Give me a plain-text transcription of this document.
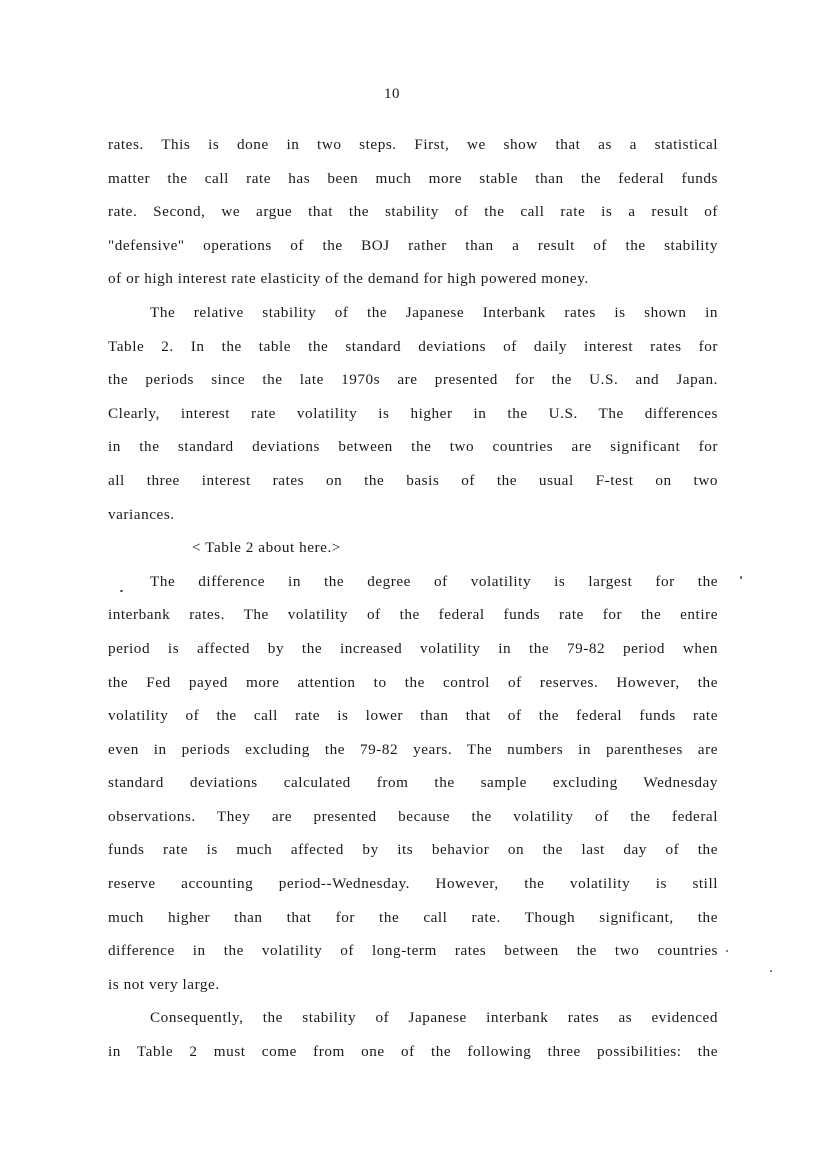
10
rates. This is done in two steps. First, we show that as a statistical
matter the call rate has been much more stable than the federal funds
rate. Second, we argue that the stability of the call rate is a result of
"defensive" operations of the BOJ rather than a result of the stability
of or high interest rate elasticity of the demand for high powered money.
The relative stability of the Japanese Interbank rates is shown in
Table 2. In the table the standard deviations of daily interest rates for
the periods since the late 1970s are presented for the U.S. and Japan.
Clearly, interest rate volatility is higher in the U.S. The differences
in the standard deviations between the two countries are significant for
all three interest rates on the basis of the usual F-test on two
variances.
< Table 2 about here.>
The difference in the degree of volatility is largest for the
interbank rates. The volatility of the federal funds rate for the entire
period is affected by the increased volatility in the 79-82 period when
the Fed payed more attention to the control of reserves. However, the
volatility of the call rate is lower than that of the federal funds rate
even in periods excluding the 79-82 years. The numbers in parentheses are
standard deviations calculated from the sample excluding Wednesday
observations. They are presented because the volatility of the federal
funds rate is much affected by its behavior on the last day of the
reserve accounting period--Wednesday. However, the volatility is still
much higher than that for the call rate. Though significant, the
difference in the volatility of long-term rates between the two countries
is not very large.
Consequently, the stability of Japanese interbank rates as evidenced
in Table 2 must come from one of the following three possibilities: the
